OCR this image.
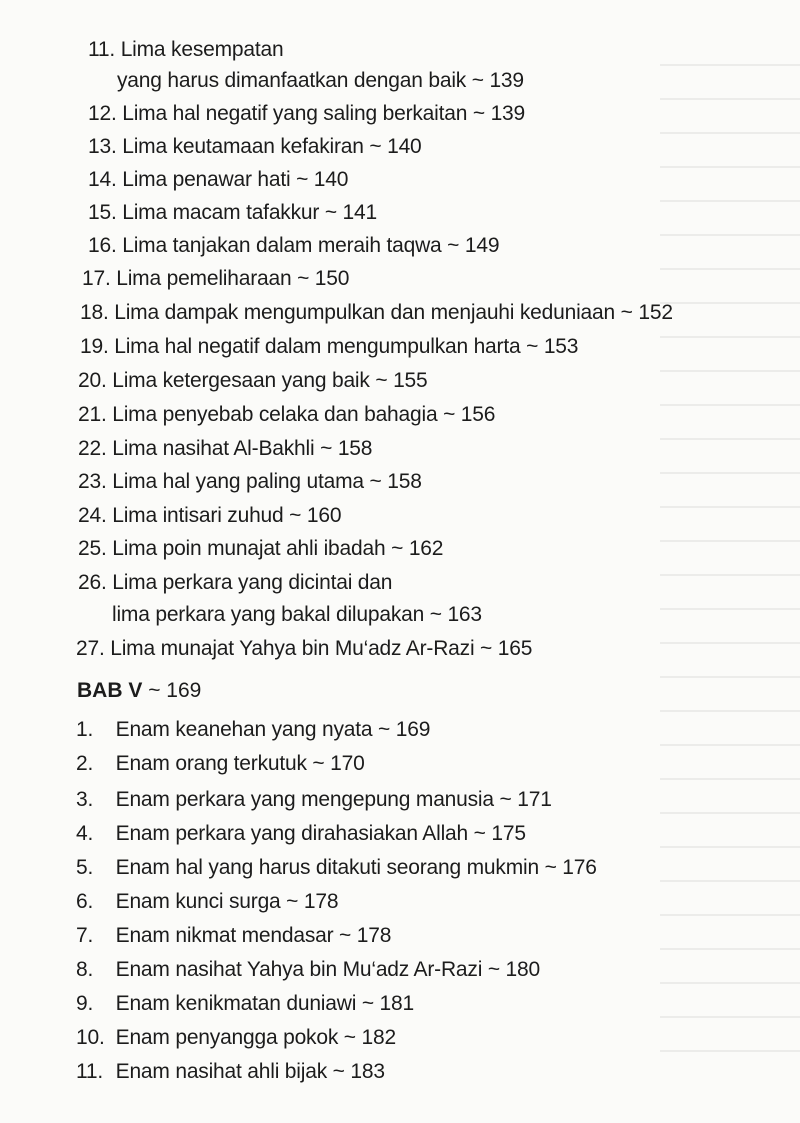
11. Lima kesempatan
yang harus dimanfaatkan dengan baik ~ 139
12. Lima hal negatif yang saling berkaitan ~ 139
13. Lima keutamaan kefakiran ~ 140
14. Lima penawar hati ~ 140
15. Lima macam tafakkur ~ 141
16. Lima tanjakan dalam meraih taqwa ~ 149
17. Lima pemeliharaan ~ 150
18. Lima dampak mengumpulkan dan menjauhi keduniaan ~ 152
19. Lima hal negatif dalam mengumpulkan harta ~ 153
20. Lima ketergesaan yang baik ~ 155
21. Lima penyebab celaka dan bahagia ~ 156
22. Lima nasihat Al-Bakhli ~ 158
23. Lima hal yang paling utama ~ 158
24. Lima intisari zuhud ~ 160
25. Lima poin munajat ahli ibadah ~ 162
26. Lima perkara yang dicintai dan
lima perkara yang bakal dilupakan ~ 163
27. Lima munajat Yahya bin Mu‘adz Ar-Razi ~ 165
BAB V ~ 169
1. Enam keanehan yang nyata ~ 169
2. Enam orang terkutuk ~ 170
3. Enam perkara yang mengepung manusia ~ 171
4. Enam perkara yang dirahasiakan Allah ~ 175
5. Enam hal yang harus ditakuti seorang mukmin ~ 176
6. Enam kunci surga ~ 178
7. Enam nikmat mendasar ~ 178
8. Enam nasihat Yahya bin Mu‘adz Ar-Razi ~ 180
9. Enam kenikmatan duniawi ~ 181
10. Enam penyangga pokok ~ 182
11. Enam nasihat ahli bijak ~ 183
